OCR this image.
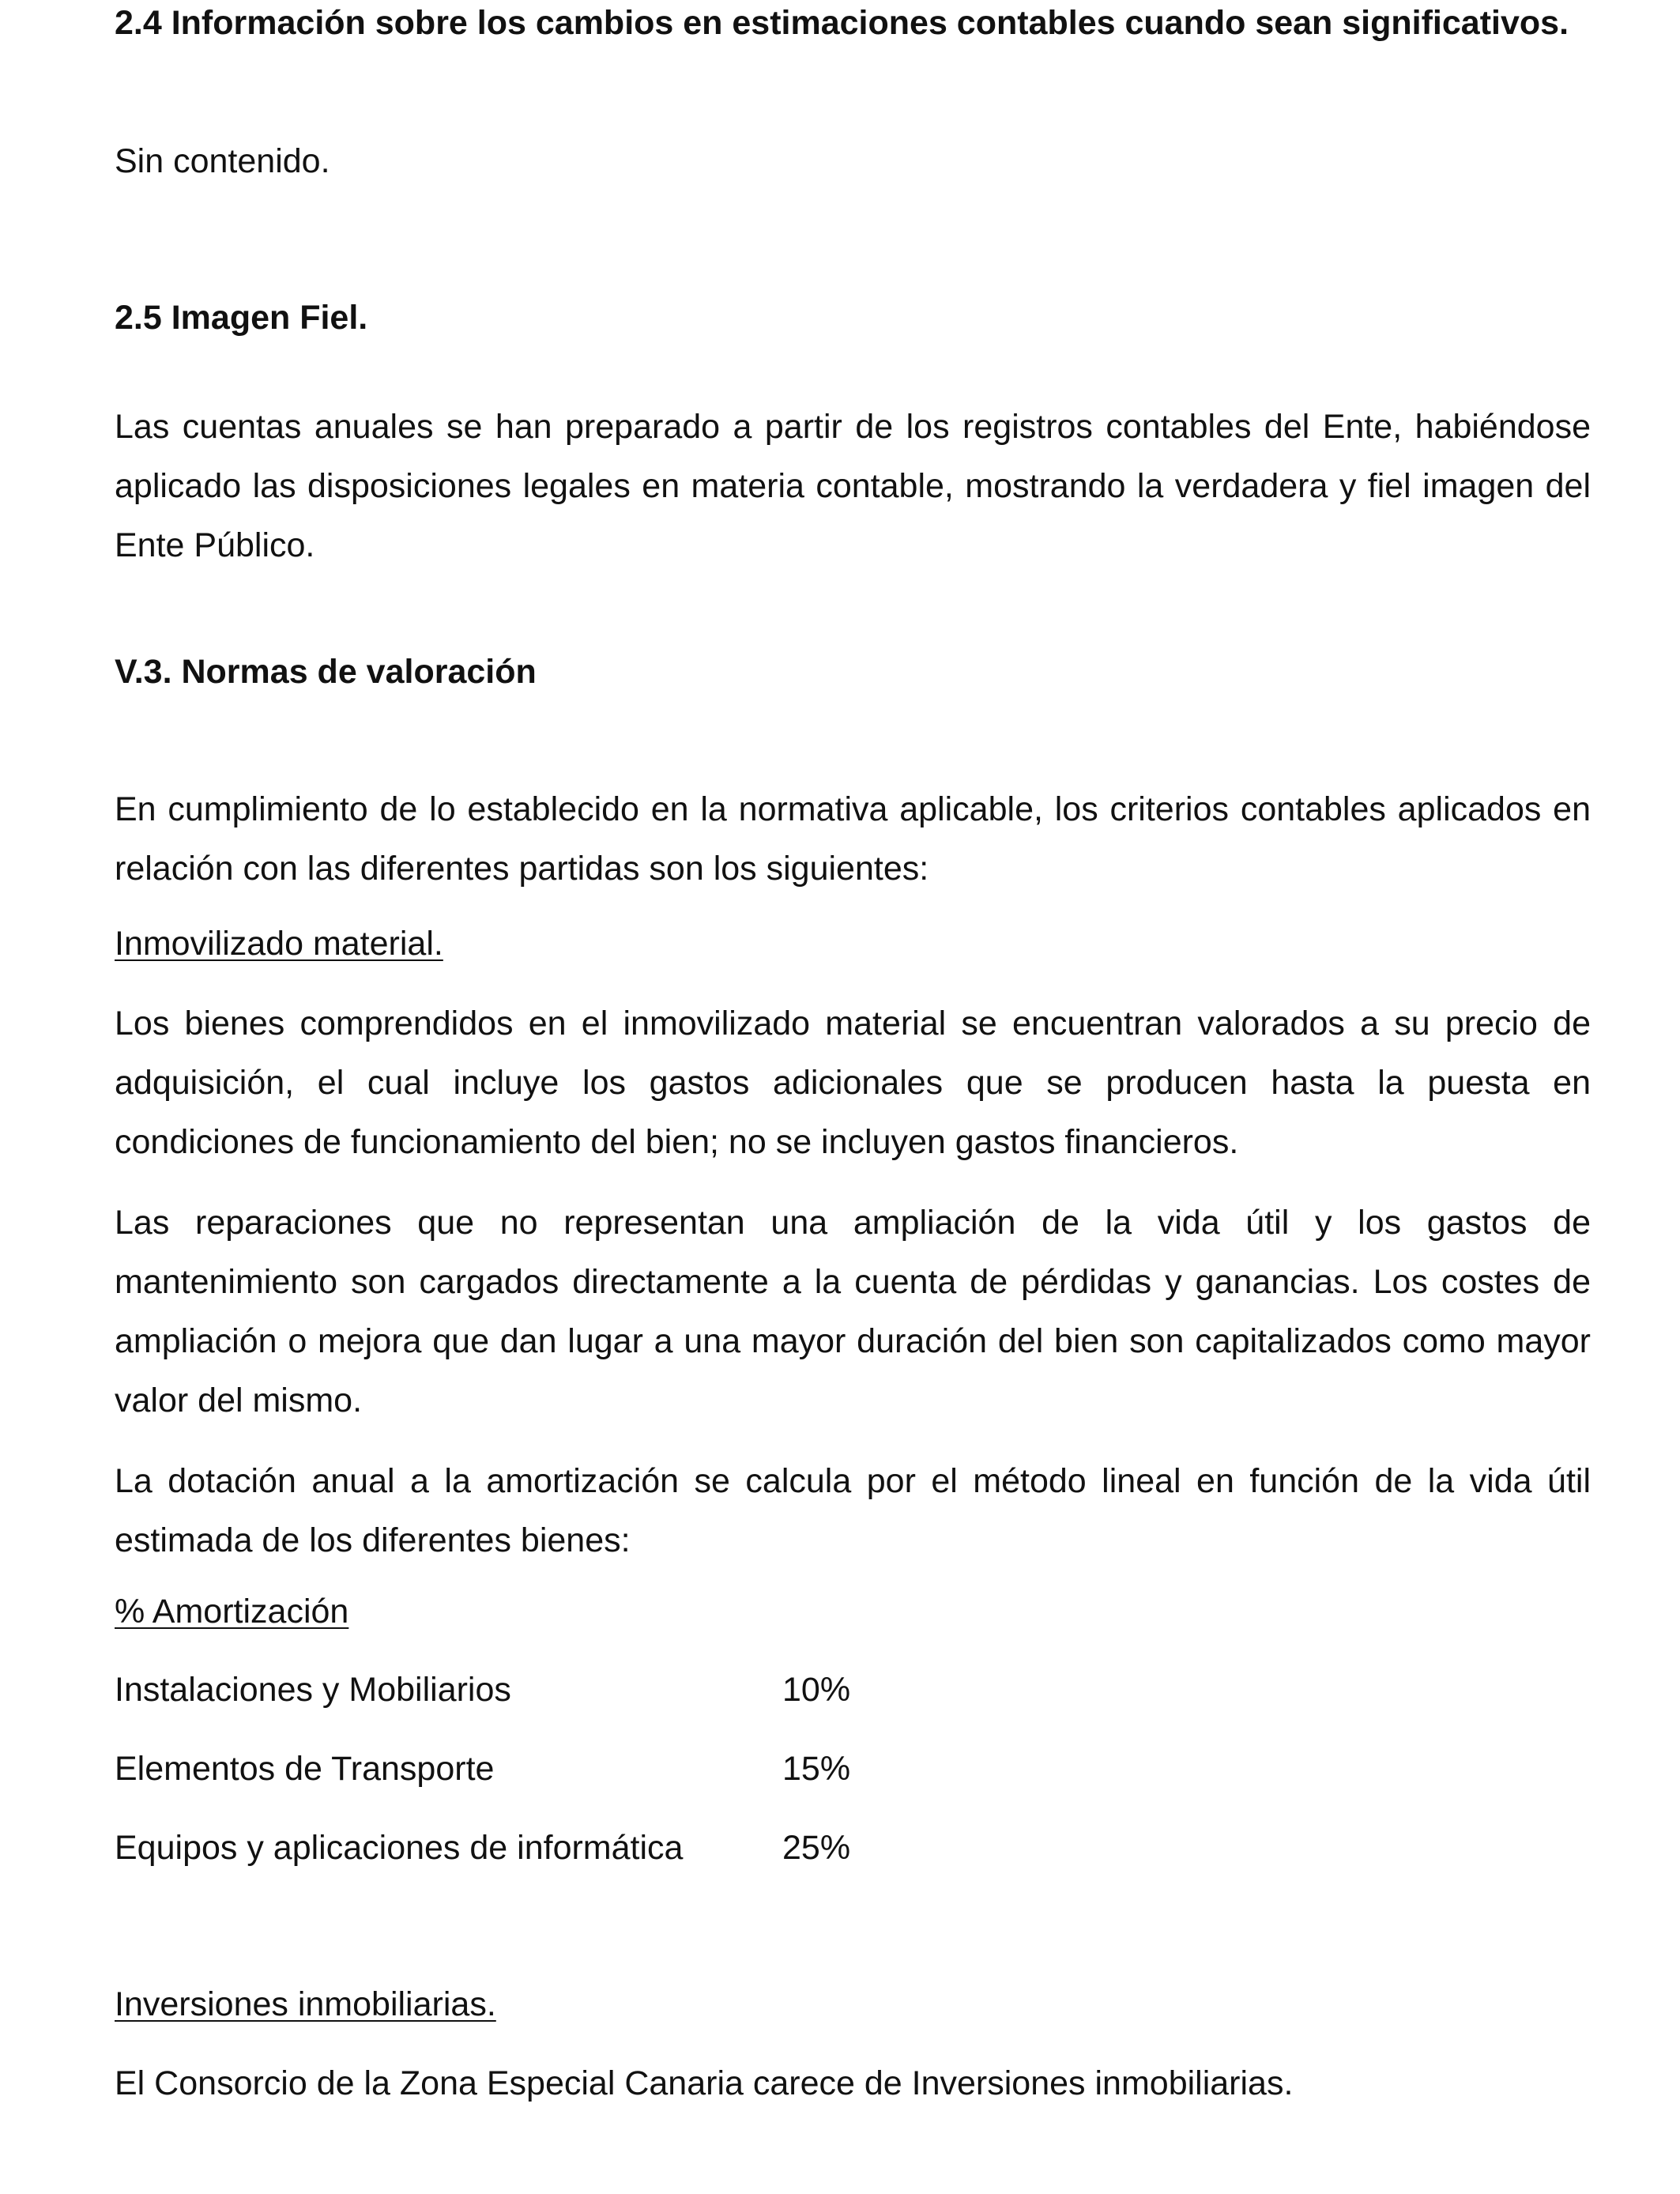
2.4 Información sobre los cambios en estimaciones contables cuando sean significativos.
Sin contenido.
2.5 Imagen Fiel.
Las cuentas anuales se han preparado a partir de los registros contables del Ente, habiéndose aplicado las disposiciones legales en materia contable, mostrando la verdadera y fiel imagen del Ente Público.
V.3. Normas de valoración
En cumplimiento de lo establecido en la normativa aplicable, los criterios contables aplicados en relación con las diferentes partidas son los siguientes:
Inmovilizado material.
Los bienes comprendidos en el inmovilizado material se encuentran valorados a su precio de adquisición, el cual incluye los gastos adicionales que se producen hasta la puesta en condiciones de funcionamiento del bien; no se incluyen gastos financieros.
Las reparaciones que no representan una ampliación de la vida útil y los gastos de mantenimiento son cargados directamente a la cuenta de pérdidas y ganancias. Los costes de ampliación o mejora que dan lugar a una mayor duración del bien son capitalizados como mayor valor del mismo.
La dotación anual a la amortización se calcula por el método lineal en función de la vida útil estimada de los diferentes bienes:
% Amortización
Instalaciones y Mobiliarios	10%
Elementos de Transporte	15%
Equipos y aplicaciones de informática	25%
Inversiones inmobiliarias.
El Consorcio de la Zona Especial Canaria carece de Inversiones inmobiliarias.
